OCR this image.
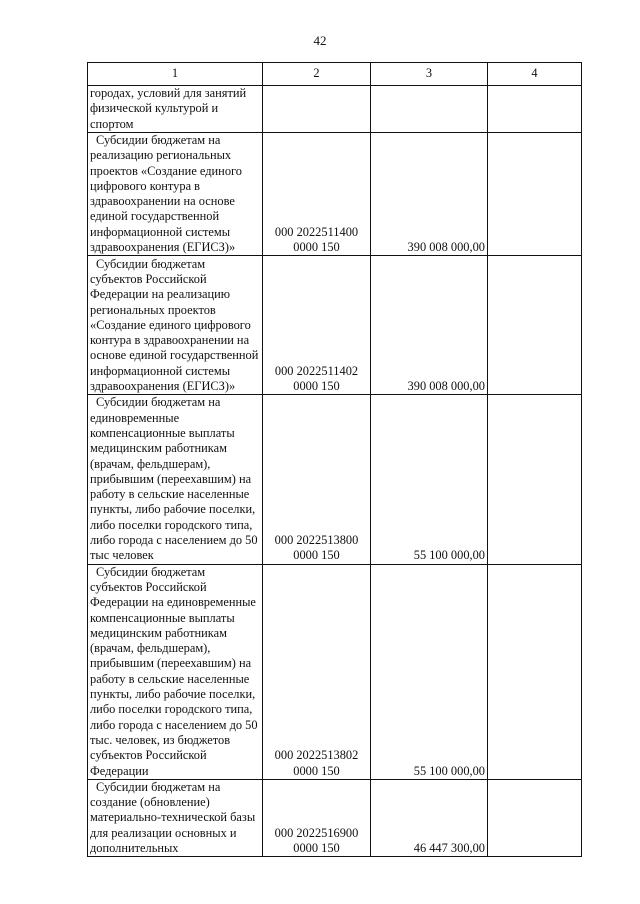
42
1	2	3	4

городах, условий для занятий физической культурой и спортом			

Субсидии бюджетам на реализацию региональных проектов «Создание единого цифрового контура в здравоохранении на основе единой государственной информационной системы здравоохранения (ЕГИСЗ)»	000 2022511400 0000 150	390 008 000,00	

Субсидии бюджетам субъектов Российской Федерации на реализацию региональных проектов «Создание единого цифрового контура в здравоохранении на основе единой государственной информационной системы здравоохранения (ЕГИСЗ)»	000 2022511402 0000 150	390 008 000,00	

Субсидии бюджетам на единовременные компенсационные выплаты медицинским работникам (врачам, фельдшерам), прибывшим (переехавшим) на работу в сельские населенные пункты, либо рабочие поселки, либо поселки городского типа, либо города с населением до 50 тыс человек	000 2022513800 0000 150	55 100 000,00	

Субсидии бюджетам субъектов Российской Федерации на единовременные компенсационные выплаты медицинским работникам (врачам, фельдшерам), прибывшим (переехавшим) на работу в сельские населенные пункты, либо рабочие поселки, либо поселки городского типа, либо города с населением до 50 тыс. человек, из бюджетов субъектов Российской Федерации	000 2022513802 0000 150	55 100 000,00	

Субсидии бюджетам на создание (обновление) материально-технической базы для реализации основных и дополнительных	000 2022516900 0000 150	46 447 300,00	
